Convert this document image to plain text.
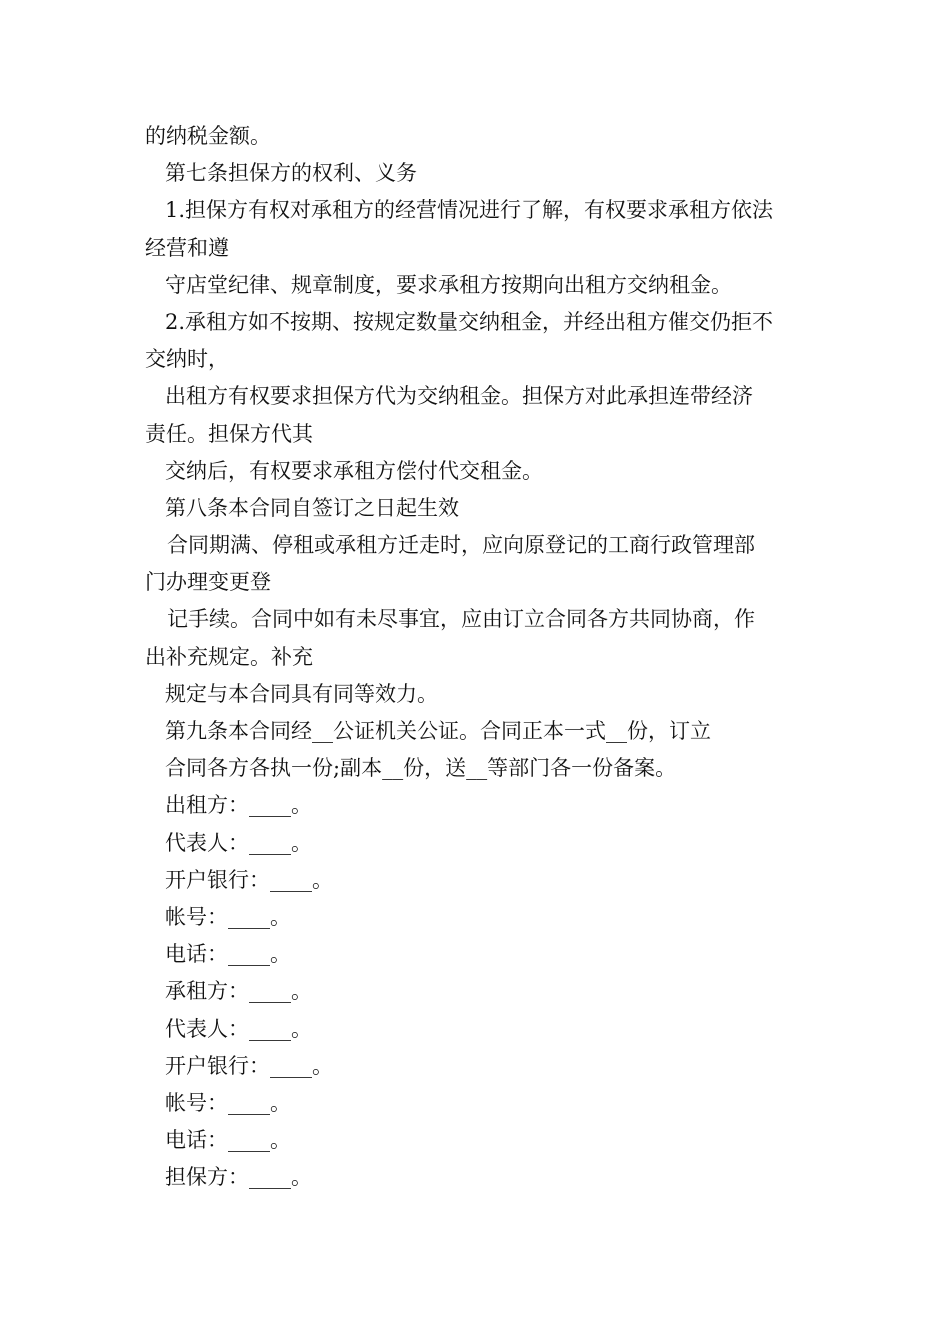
的纳税金额。
第七条担保方的权利、义务
1.担保方有权对承租方的经营情况进行了解，有权要求承租方依法
经营和遵
守店堂纪律、规章制度，要求承租方按期向出租方交纳租金。
2.承租方如不按期、按规定数量交纳租金，并经出租方催交仍拒不
交纳时，
出租方有权要求担保方代为交纳租金。担保方对此承担连带经济
责任。担保方代其
交纳后，有权要求承租方偿付代交租金。
第八条本合同自签订之日起生效
合同期满、停租或承租方迁走时，应向原登记的工商行政管理部
门办理变更登
记手续。合同中如有未尽事宜，应由订立合同各方共同协商，作
出补充规定。补充
规定与本合同具有同等效力。
第九条本合同经__公证机关公证。合同正本一式__份，订立
合同各方各执一份;副本__份，送__等部门各一份备案。
出租方：____。
代表人：____。
开户银行：____。
帐号：____。
电话：____。
承租方：____。
代表人：____。
开户银行：____。
帐号：____。
电话：____。
担保方：____。
